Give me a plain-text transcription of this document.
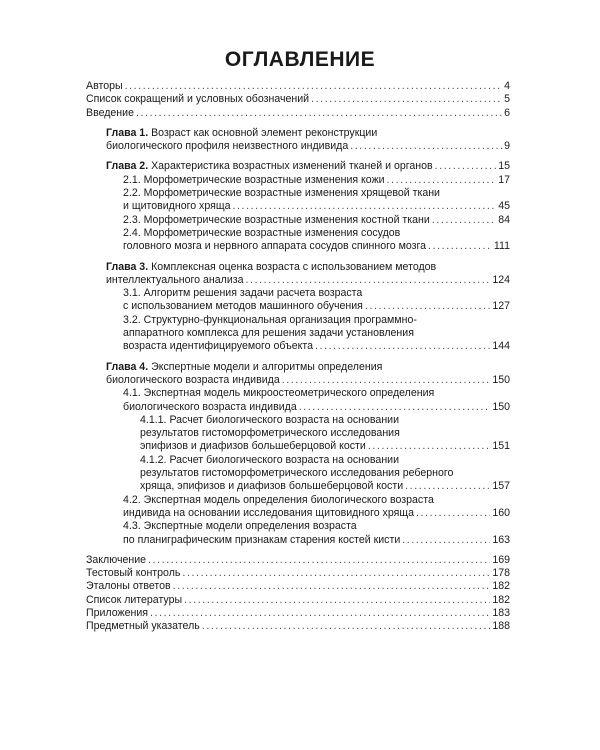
ОГЛАВЛЕНИЕ
Авторы .....	4
Список сокращений и условных обозначений .....	5
Введение .....	6
Глава 1. Возраст как основной элемент реконструкции
биологического профиля неизвестного индивида .....	9
Глава 2. Характеристика возрастных изменений тканей и органов .....	15
2.1. Морфометрические возрастные изменения кожи .....	17
2.2. Морфометрические возрастные изменения хрящевой ткани
и щитовидного хряща .....	45
2.3. Морфометрические возрастные изменения костной ткани .....	84
2.4. Морфометрические возрастные изменения сосудов
головного мозга и нервного аппарата сосудов спинного мозга .....	111
Глава 3. Комплексная оценка возраста с использованием методов
интеллектуального анализа .....	124
3.1. Алгоритм решения задачи расчета возраста
с использованием методов машинного обучения .....	127
3.2. Структурно-функциональная организация программно-
аппаратного комплекса для решения задачи установления
возраста идентифицируемого объекта .....	144
Глава 4. Экспертные модели и алгоритмы определения
биологического возраста индивида .....	150
4.1. Экспертная модель микроостеометрического определения
биологического возраста индивида .....	150
4.1.1. Расчет биологического возраста на основании
результатов гистоморфометрического исследования
эпифизов и диафизов большеберцовой кости .....	151
4.1.2. Расчет биологического возраста на основании
результатов гистоморфометрического исследования реберного
хряща, эпифизов и диафизов большеберцовой кости .....	157
4.2. Экспертная модель определения биологического возраста
индивида на основании исследования щитовидного хряща .....	160
4.3. Экспертные модели определения возраста
по планиграфическим признакам старения костей кисти .....	163
Заключение .....	169
Тестовый контроль .....	178
Эталоны ответов .....	182
Список литературы .....	182
Приложения .....	183
Предметный указатель .....	188
